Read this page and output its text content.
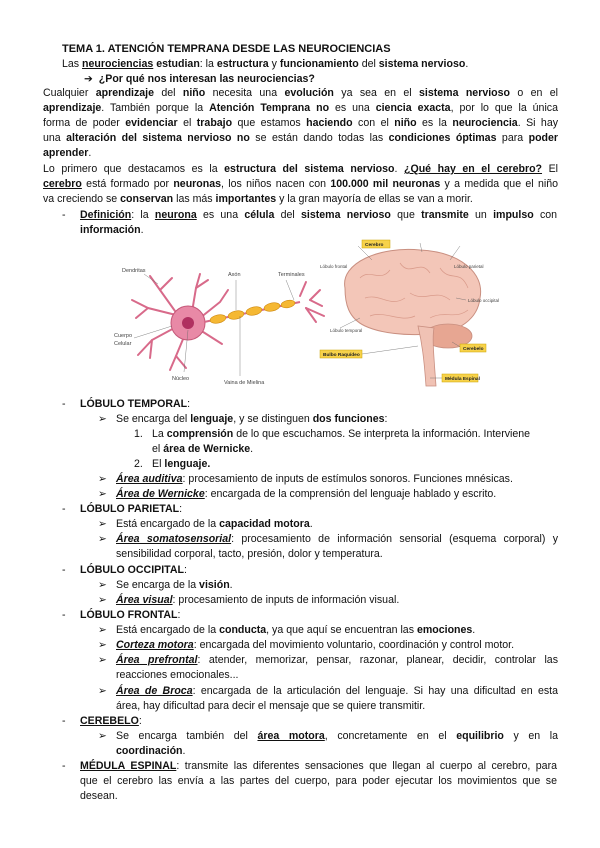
TEMA 1. ATENCIÓN TEMPRANA DESDE LAS NEUROCIENCIAS
Las neurociencias estudian: la estructura y funcionamiento del sistema nervioso.
➔ ¿Por qué nos interesan las neurociencias?
Cualquier aprendizaje del niño necesita una evolución ya sea en el sistema nervioso o en el
aprendizaje. También porque la Atención Temprana no es una ciencia exacta, por lo que la única
forma de poder evidenciar el trabajo que estamos haciendo con el niño es la neurociencia. Si hay
una alteración del sistema nervioso no se están dando todas las condiciones óptimas para poder
aprender.
Lo primero que destacamos es la estructura del sistema nervioso. ¿Qué hay en el cerebro? El
cerebro está formado por neuronas, los niños nacen con 100.000 mil neuronas y a medida que el niño
va creciendo se conservan las más importantes y la gran mayoría de ellas se van a morir.
- Definición: la neurona es una célula del sistema nervioso que transmite un impulso con
información.
Dendritas
Axón	Terminales
Cuerpo
Celular
Núcleo
Vaina de Mielina
Cerebro
Lóbulo frontal	Lóbulo parietal
Lóbulo occipital
Lóbulo temporal
Cerebelo
Bulbo Raquídeo
Médula Espinal
- LÓBULO TEMPORAL:
➢ Se encarga del lenguaje, y se distinguen dos funciones:
1. La comprensión de lo que escuchamos. Se interpreta la información. Interviene
el área de Wernicke.
2. El lenguaje.
➢ Área auditiva: procesamiento de inputs de estímulos sonoros. Funciones mnésicas.
➢ Área de Wernicke: encargada de la comprensión del lenguaje hablado y escrito.
- LÓBULO PARIETAL:
➢ Está encargado de la capacidad motora.
➢ Área somatosensorial: procesamiento de información sensorial (esquema corporal) y
sensibilidad corporal, tacto, presión, dolor y temperatura.
- LÓBULO OCCIPITAL:
➢ Se encarga de la visión.
➢ Área visual: procesamiento de inputs de información visual.
- LÓBULO FRONTAL:
➢ Está encargado de la conducta, ya que aquí se encuentran las emociones.
➢ Corteza motora: encargada del movimiento voluntario, coordinación y control motor.
➢ Área prefrontal: atender, memorizar, pensar, razonar, planear, decidir, controlar las
reacciones emocionales...
➢ Área de Broca: encargada de la articulación del lenguaje. Si hay una dificultad en esta
área, hay dificultad para decir el mensaje que se quiere transmitir.
- CEREBELO:
➢ Se encarga también del área motora, concretamente en el equilibrio y en la
coordinación.
- MÉDULA ESPINAL: transmite las diferentes sensaciones que llegan al cuerpo al cerebro, para
que el cerebro las envía a las partes del cuerpo, para poder ejecutar los movimientos que se
desean.
